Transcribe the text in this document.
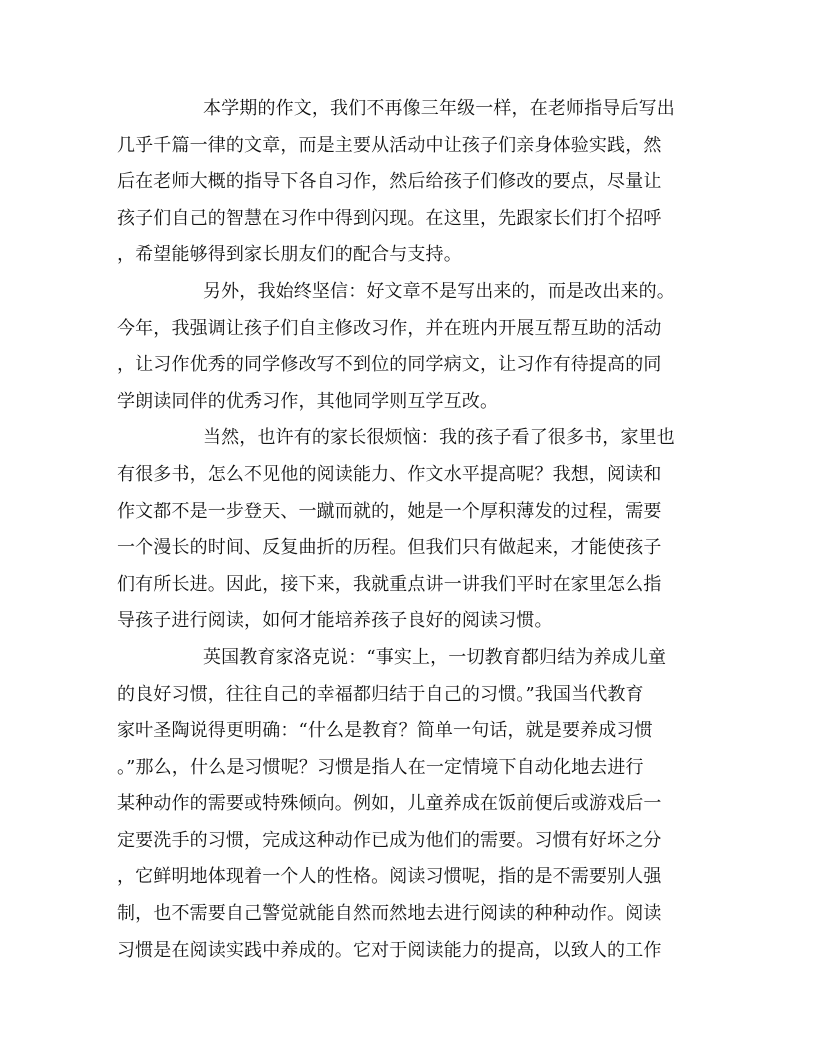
本学期的作文，我们不再像三年级一样，在老师指导后写出
几乎千篇一律的文章，而是主要从活动中让孩子们亲身体验实践，然
后在老师大概的指导下各自习作，然后给孩子们修改的要点，尽量让
孩子们自己的智慧在习作中得到闪现。在这里，先跟家长们打个招呼
，希望能够得到家长朋友们的配合与支持。
另外，我始终坚信：好文章不是写出来的，而是改出来的。
今年，我强调让孩子们自主修改习作，并在班内开展互帮互助的活动
，让习作优秀的同学修改写不到位的同学病文，让习作有待提高的同
学朗读同伴的优秀习作，其他同学则互学互改。
当然，也许有的家长很烦恼：我的孩子看了很多书，家里也
有很多书，怎么不见他的阅读能力、作文水平提高呢？我想，阅读和
作文都不是一步登天、一蹴而就的，她是一个厚积薄发的过程，需要
一个漫长的时间、反复曲折的历程。但我们只有做起来，才能使孩子
们有所长进。因此，接下来，我就重点讲一讲我们平时在家里怎么指
导孩子进行阅读，如何才能培养孩子良好的阅读习惯。
英国教育家洛克说：“事实上，一切教育都归结为养成儿童
的良好习惯，往往自己的幸福都归结于自己的习惯。”我国当代教育
家叶圣陶说得更明确：“什么是教育？简单一句话，就是要养成习惯
。”那么，什么是习惯呢？习惯是指人在一定情境下自动化地去进行
某种动作的需要或特殊倾向。例如，儿童养成在饭前便后或游戏后一
定要洗手的习惯，完成这种动作已成为他们的需要。习惯有好坏之分
，它鲜明地体现着一个人的性格。阅读习惯呢，指的是不需要别人强
制，也不需要自己警觉就能自然而然地去进行阅读的种种动作。阅读
习惯是在阅读实践中养成的。它对于阅读能力的提高，以致人的工作
